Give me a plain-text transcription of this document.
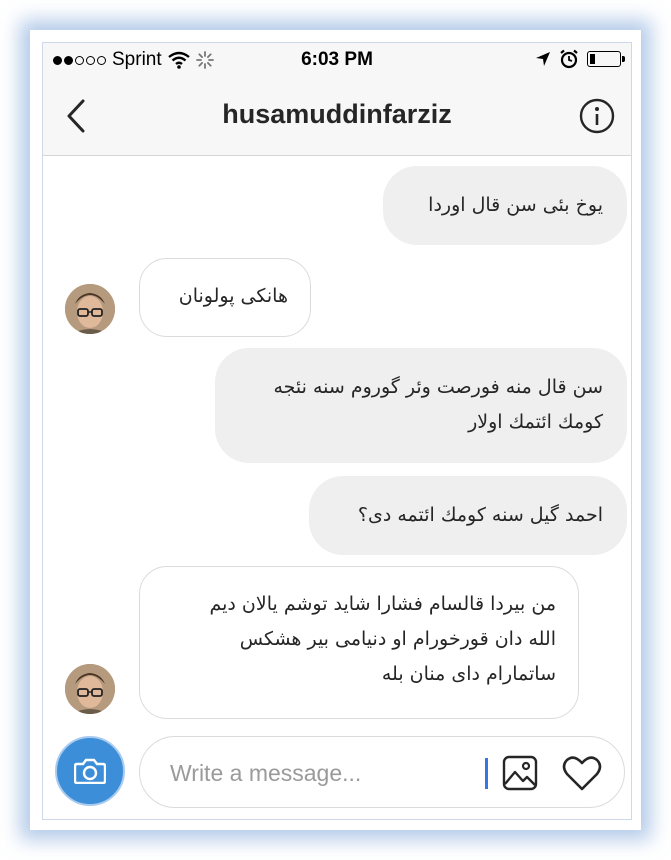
Sprint	6:03 PM
husamuddinfarziz
یوخ بئی سن قال اوردا
هانکی پولونان
سن قال منه فورصت وئر گوروم سنه نئجه
کومك ائتمك اولار
احمد گیل سنه کومك ائتمه دی؟
من بیردا قالسام فشارا شاید توشم یالان دیم
الله دان قورخورام او دنیامی بیر هشکس
ساتمارام دای منان بله
Write a message...
